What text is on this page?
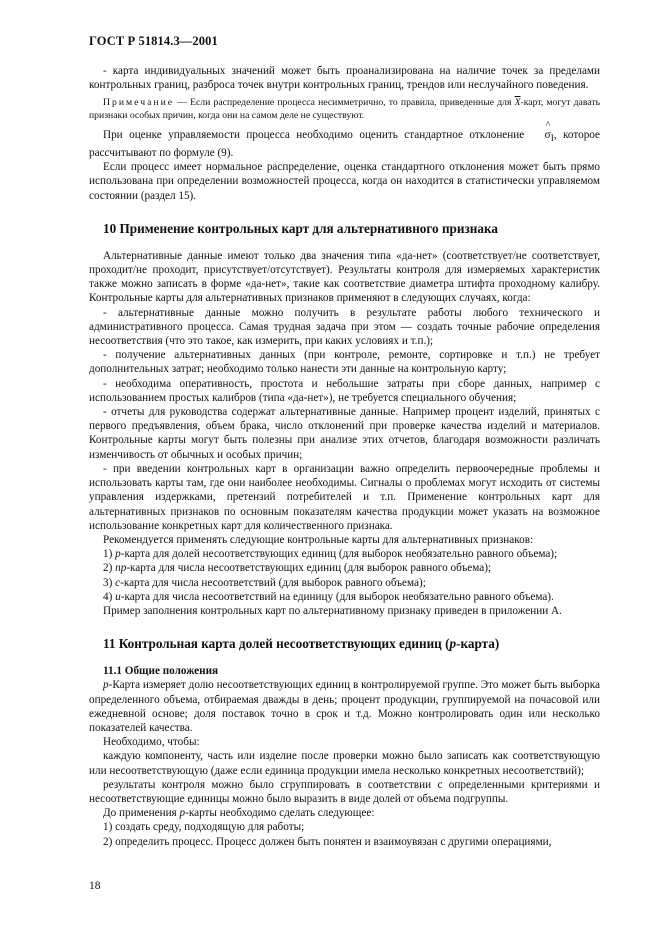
ГОСТ Р 51814.3—2001

- карта индивидуальных значений может быть проанализирована на наличие точек за пределами контрольных границ, разброса точек внутри контрольных границ, трендов или неслучайного поведения.

Примечание — Если распределение процесса несимметрично, то правила, приведенные для $\overline{X}$-карт, могут давать признаки особых причин, когда они на самом деле не существуют.

При оценке управляемости процесса необходимо оценить стандартное отклонение
^
$\sigma_I$, которое рассчитывают по формуле (9).

Если процесс имеет нормальное распределение, оценка стандартного отклонения может быть прямо использована при определении возможностей процесса, когда он находится в статистически управляемом состоянии (раздел 15).

10 Применение контрольных карт для альтернативного признака

Альтернативные данные имеют только два значения типа «да-нет» (соответствует/не соответствует, проходит/не проходит, присутствует/отсутствует). Результаты контроля для измеряемых характеристик также можно записать в форме «да-нет», такие как соответствие диаметра штифта проходному калибру. Контрольные карты для альтернативных признаков применяют в следующих случаях, когда:

- альтернативные данные можно получить в результате работы любого технического и административного процесса. Самая трудная задача при этом — создать точные рабочие определения несоответствия (что это такое, как измерить, при каких условиях и т.п.);

- получение альтернативных данных (при контроле, ремонте, сортировке и т.п.) не требует дополнительных затрат; необходимо только нанести эти данные на контрольную карту;

- необходима оперативность, простота и небольшие затраты при сборе данных, например с использованием простых калибров (типа «да-нет»), не требуется специального обучения;

- отчеты для руководства содержат альтернативные данные. Например процент изделий, принятых с первого предъявления, объем брака, число отклонений при проверке качества изделий и материалов. Контрольные карты могут быть полезны при анализе этих отчетов, благодаря возможности различать изменчивость от обычных и особых причин;

- при введении контрольных карт в организации важно определить первоочередные проблемы и использовать карты там, где они наиболее необходимы. Сигналы о проблемах могут исходить от системы управления издержками, претензий потребителей и т.п. Применение контрольных карт для альтернативных признаков по основным показателям качества продукции может указать на возможное использование конкретных карт для количественного признака.

Рекомендуется применять следующие контрольные карты для альтернативных признаков:

1) p-карта для долей несоответствующих единиц (для выборок необязательно равного объема);

2) np-карта для числа несоответствующих единиц (для выборок равного объема);

3) c-карта для числа несоответствий (для выборок равного объема);

4) u-карта для числа несоответствий на единицу (для выборок необязательно равного объема).

Пример заполнения контрольных карт по альтернативному признаку приведен в приложении А.

11 Контрольная карта долей несоответствующих единиц (p-карта)
11.1 Общие положения

p-Карта измеряет долю несоответствующих единиц в контролируемой группе. Это может быть выборка определенного объема, отбираемая дважды в день; процент продукции, группируемой на почасовой или ежедневной основе; доля поставок точно в срок и т.д. Можно контролировать один или несколько показателей качества.

Необходимо, чтобы:

каждую компоненту, часть или изделие после проверки можно было записать как соответствующую или несоответствующую (даже если единица продукции имела несколько конкретных несоответствий);

результаты контроля можно было сгруппировать в соответствии с определенными критериями и несоответствующие единицы можно было выразить в виде долей от объема подгруппы.

До применения p-карты необходимо сделать следующее:

1) создать среду, подходящую для работы;

2) определить процесс. Процесс должен быть понятен и взаимоувязан с другими операциями,

18
